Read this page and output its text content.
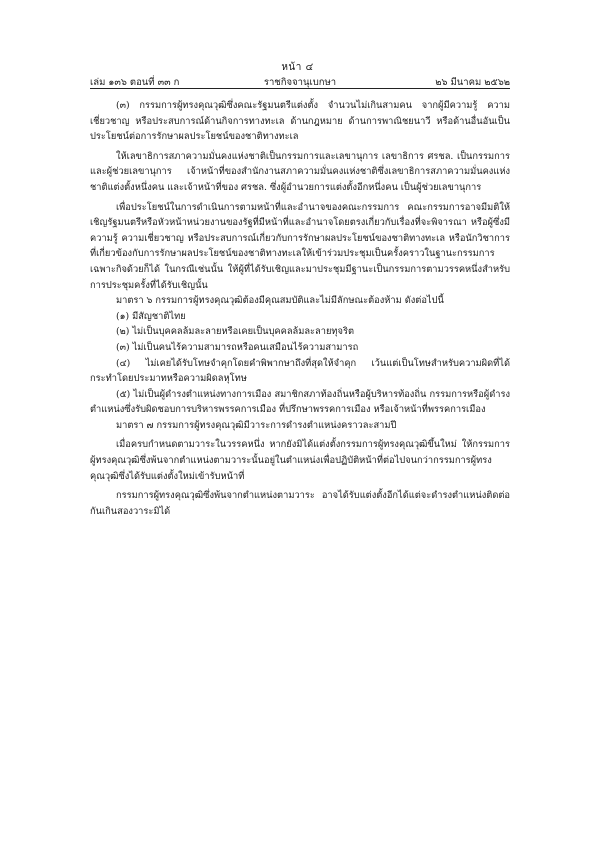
หน้า ๔
เล่ม ๑๓๖ ตอนที่ ๓๓ ก	ราชกิจจานุเบกษา	๒๖ มีนาคม ๒๕๖๒

(๓) กรรมการผู้ทรงคุณวุฒิซึ่งคณะรัฐมนตรีแต่งตั้ง จำนวนไม่เกินสามคน จากผู้มีความรู้ ความเชี่ยวชาญ หรือประสบการณ์ด้านกิจการทางทะเล ด้านกฎหมาย ด้านการพาณิชยนาวี หรือด้านอื่นอันเป็นประโยชน์ต่อการรักษาผลประโยชน์ของชาติทางทะเล

ให้เลขาธิการสภาความมั่นคงแห่งชาติเป็นกรรมการและเลขานุการ เลขาธิการ ศรชล. เป็นกรรมการและผู้ช่วยเลขานุการ เจ้าหน้าที่ของสำนักงานสภาความมั่นคงแห่งชาติซึ่งเลขาธิการสภาความมั่นคงแห่งชาติแต่งตั้งหนึ่งคน และเจ้าหน้าที่ของ ศรชล. ซึ่งผู้อำนวยการแต่งตั้งอีกหนึ่งคน เป็นผู้ช่วยเลขานุการ

เพื่อประโยชน์ในการดำเนินการตามหน้าที่และอำนาจของคณะกรรมการ คณะกรรมการอาจมีมติให้เชิญรัฐมนตรีหรือหัวหน้าหน่วยงานของรัฐที่มีหน้าที่และอำนาจโดยตรงเกี่ยวกับเรื่องที่จะพิจารณา หรือผู้ซึ่งมีความรู้ ความเชี่ยวชาญ หรือประสบการณ์เกี่ยวกับการรักษาผลประโยชน์ของชาติทางทะเล หรือนักวิชาการที่เกี่ยวข้องกับการรักษาผลประโยชน์ของชาติทางทะเลให้เข้าร่วมประชุมเป็นครั้งคราวในฐานะกรรมการเฉพาะกิจด้วยก็ได้ ในกรณีเช่นนั้น ให้ผู้ที่ได้รับเชิญและมาประชุมมีฐานะเป็นกรรมการตามวรรคหนึ่งสำหรับการประชุมครั้งที่ได้รับเชิญนั้น

มาตรา ๖ กรรมการผู้ทรงคุณวุฒิต้องมีคุณสมบัติและไม่มีลักษณะต้องห้าม ดังต่อไปนี้

(๑) มีสัญชาติไทย

(๒) ไม่เป็นบุคคลล้มละลายหรือเคยเป็นบุคคลล้มละลายทุจริต

(๓) ไม่เป็นคนไร้ความสามารถหรือคนเสมือนไร้ความสามารถ

(๔) ไม่เคยได้รับโทษจำคุกโดยคำพิพากษาถึงที่สุดให้จำคุก เว้นแต่เป็นโทษสำหรับความผิดที่ได้กระทำโดยประมาทหรือความผิดลหุโทษ

(๕) ไม่เป็นผู้ดำรงตำแหน่งทางการเมือง สมาชิกสภาท้องถิ่นหรือผู้บริหารท้องถิ่น กรรมการหรือผู้ดำรงตำแหน่งซึ่งรับผิดชอบการบริหารพรรคการเมือง ที่ปรึกษาพรรคการเมือง หรือเจ้าหน้าที่พรรคการเมือง

มาตรา ๗ กรรมการผู้ทรงคุณวุฒิมีวาระการดำรงตำแหน่งคราวละสามปี

เมื่อครบกำหนดตามวาระในวรรคหนึ่ง หากยังมิได้แต่งตั้งกรรมการผู้ทรงคุณวุฒิขึ้นใหม่ ให้กรรมการผู้ทรงคุณวุฒิซึ่งพ้นจากตำแหน่งตามวาระนั้นอยู่ในตำแหน่งเพื่อปฏิบัติหน้าที่ต่อไปจนกว่ากรรมการผู้ทรงคุณวุฒิซึ่งได้รับแต่งตั้งใหม่เข้ารับหน้าที่

กรรมการผู้ทรงคุณวุฒิซึ่งพ้นจากตำแหน่งตามวาระ อาจได้รับแต่งตั้งอีกได้แต่จะดำรงตำแหน่งติดต่อกันเกินสองวาระมิได้
